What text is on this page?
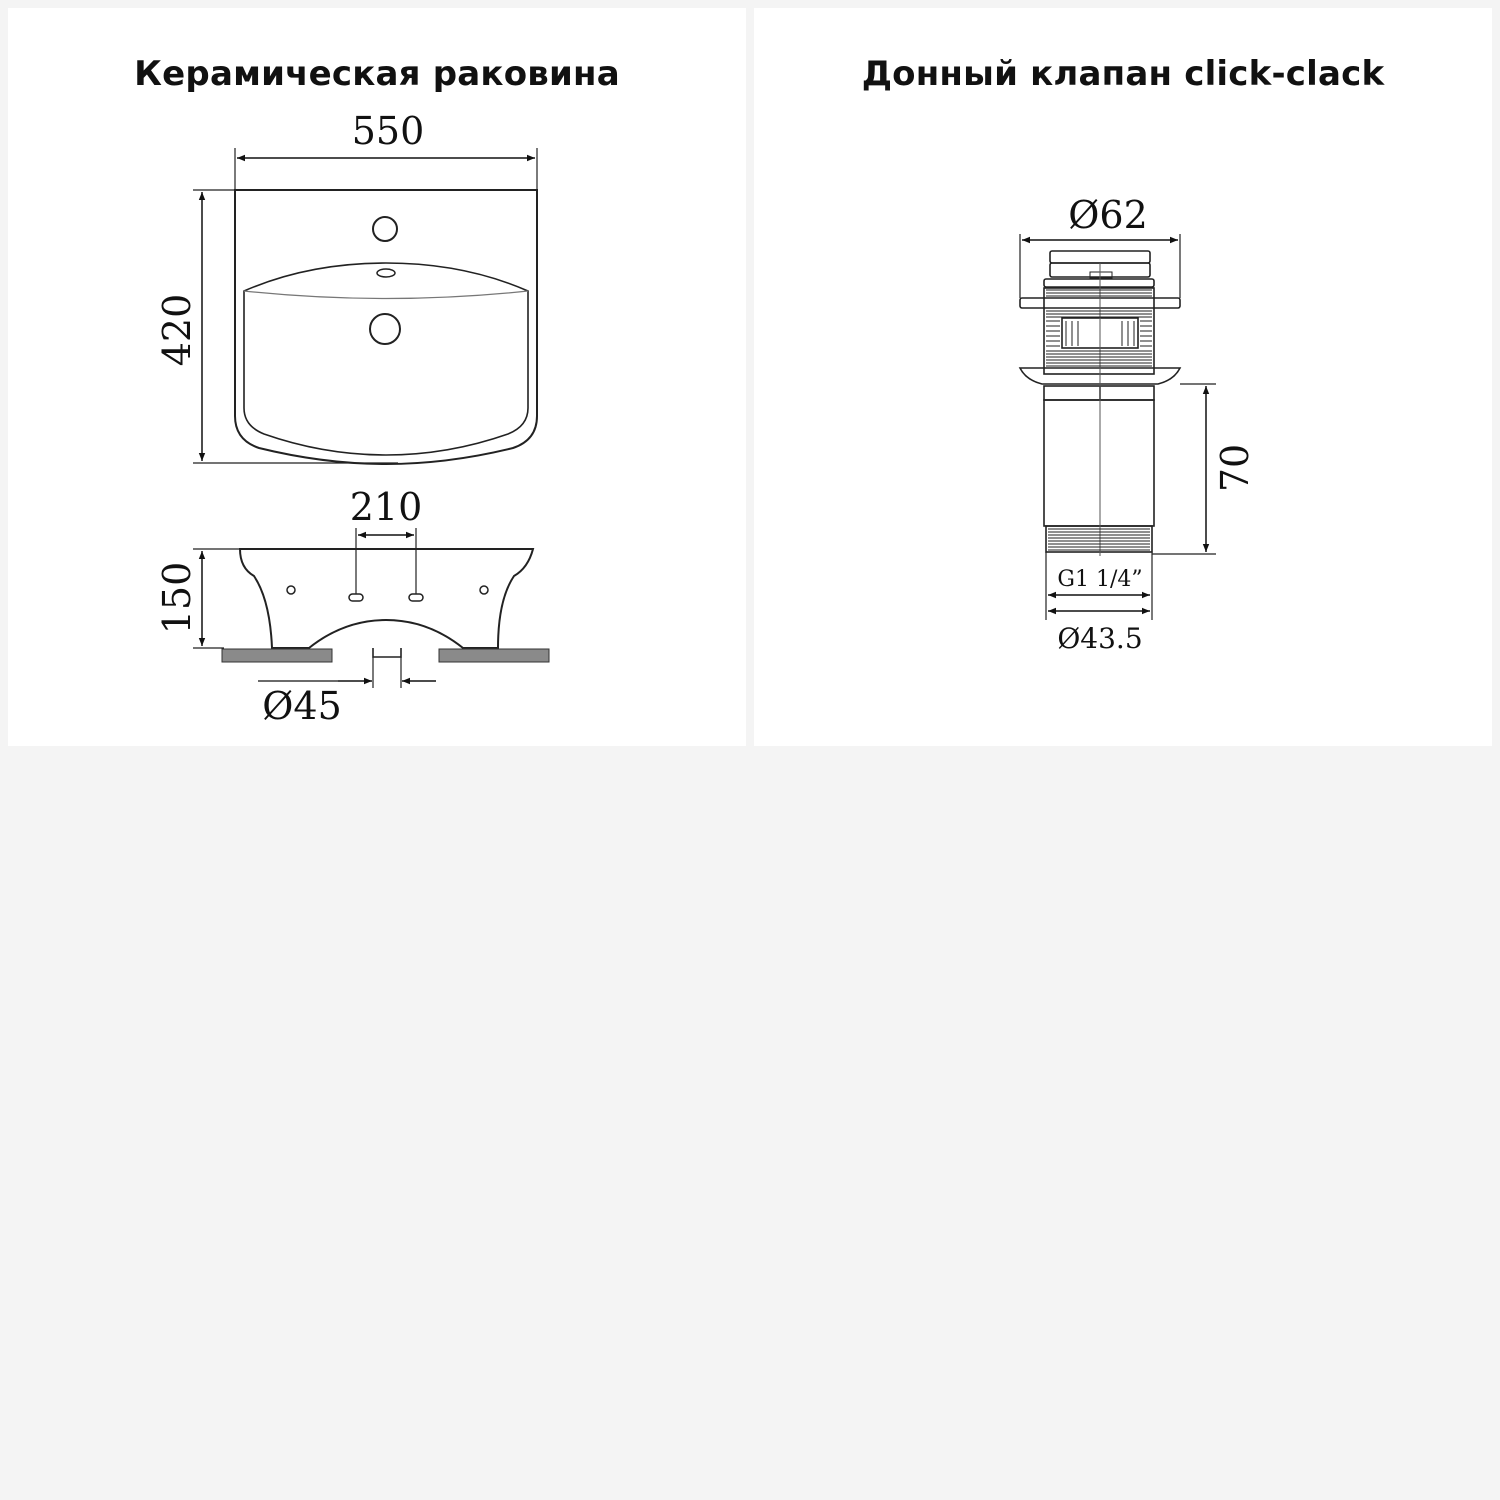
Керамическая раковина
550
420
210
150
Ø45
Донный клапан click-clack
Ø62
70
G1 1/4”
Ø43.5
